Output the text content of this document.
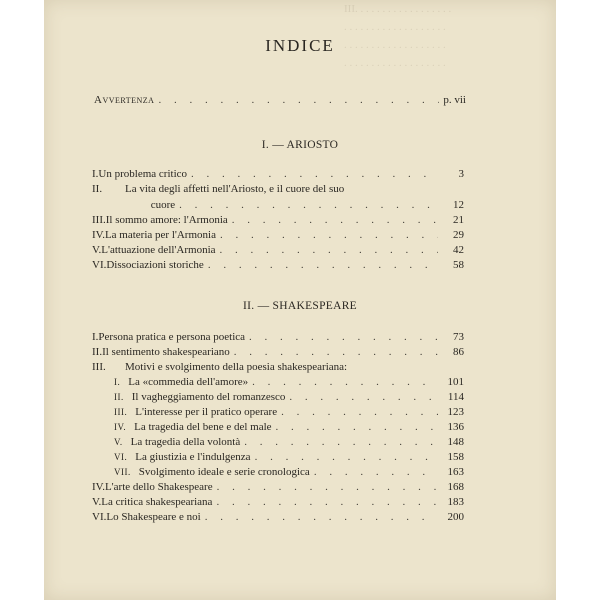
III. . . . . . . . . . . . . . . . . .
. . . . . . . . . . . . . . . . . . .
. . . . . . . . . . . . . . . . . . .
. . . . . . . . . . . . . . . . . . .
INDICE
Avvertenza . . .	p. vii
I. — ARIOSTO
I. Un problema critico . . .	3
II.	La vita degli affetti nell'Ariosto, e il cuore del suo
cuore . . .	12
III. Il sommo amore: l'Armonia . . .	21
IV. La materia per l'Armonia . . .	29
V. L'attuazione dell'Armonia . . .	42
VI. Dissociazioni storiche . . .	58
II. — SHAKESPEARE
I. Persona pratica e persona poetica . . .	73
II. Il sentimento shakespeariano . . .	86
III.	Motivi e svolgimento della poesia shakespeariana:
I. La «commedia dell'amore» . . .	101
II. Il vagheggiamento del romanzesco . . .	114
III. L'interesse per il pratico operare . . .	123
IV. La tragedia del bene e del male . . .	136
V. La tragedia della volontà . . .	148
VI. La giustizia e l'indulgenza . . .	158
VII. Svolgimento ideale e serie cronologica . . .	163
IV. L'arte dello Shakespeare . . .	168
V. La critica shakespeariana . . .	183
VI. Lo Shakespeare e noi . . .	200
